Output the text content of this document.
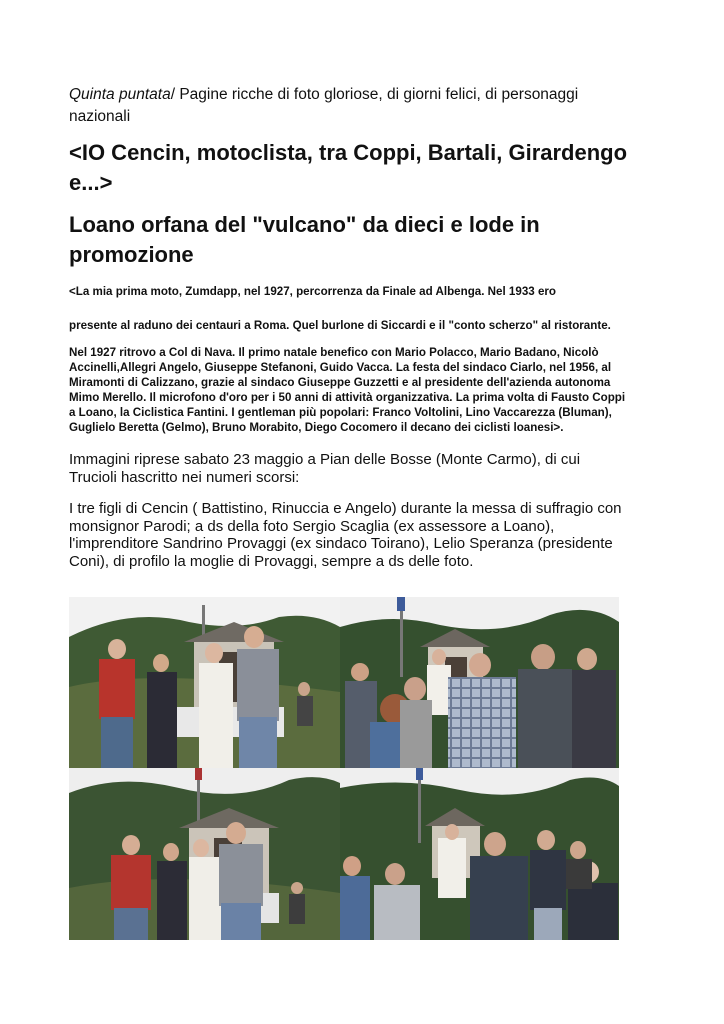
Quinta puntata/ Pagine ricche di foto gloriose, di giorni felici, di personaggi nazionali

<IO Cencin, motoclista, tra Coppi, Bartali, Girardengo e...>
Loano orfana del "vulcano" da dieci e lode in promozione

<La mia prima moto, Zumdapp, nel 1927, percorrenza da Finale ad Albenga. Nel 1933 ero

presente al raduno dei centauri a Roma. Quel burlone di Siccardi e il "conto scherzo" al ristorante.

Nel 1927 ritrovo a Col di Nava. Il primo natale benefico con Mario Polacco, Mario Badano, Nicolò Accinelli,Allegri Angelo, Giuseppe Stefanoni, Guido Vacca. La festa del sindaco Ciarlo, nel 1956, al Miramonti di Calizzano, grazie al sindaco Giuseppe Guzzetti e al presidente dell'azienda autonoma Mimo Merello. Il microfono d'oro per i 50 anni di attività organizzativa. La prima volta di Fausto Coppi a Loano, la Ciclistica Fantini. I gentleman più popolari: Franco Voltolini, Lino Vaccarezza (Bluman), Guglielo Beretta (Gelmo), Bruno Morabito, Diego Cocomero il decano dei ciclisti loanesi>.

Immagini riprese sabato 23 maggio a Pian delle Bosse (Monte Carmo), di cui Trucioli hascritto nei numeri scorsi:

I tre figli di Cencin ( Battistino, Rinuccia e Angelo) durante la messa di suffragio con monsignor Parodi; a ds della foto Sergio Scaglia (ex assessore a Loano), l'imprenditore Sandrino Provaggi (ex sindaco Toirano), Lelio Speranza (presidente Coni), di profilo la moglie di Provaggi, sempre a ds delle foto.
